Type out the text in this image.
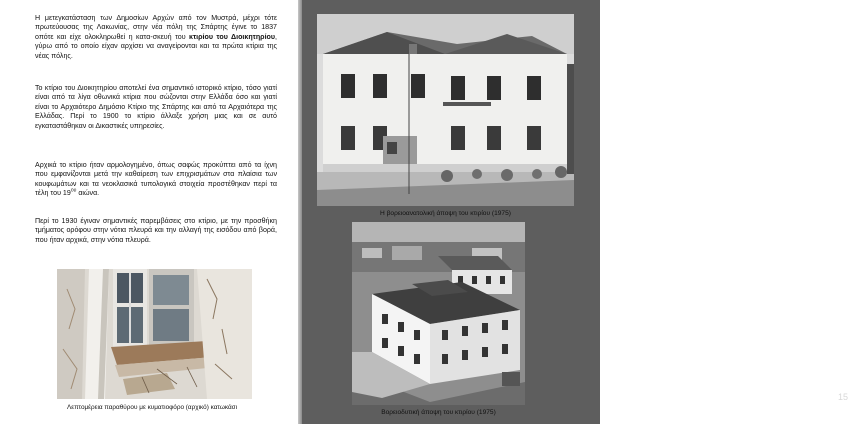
Η μετεγκατάσταση των Δημοσίων Αρχών από τον Μυστρά, μέχρι τότε πρωτεύουσας της Λακωνίας, στην νέα πόλη της Σπάρτης έγινε το 1837 οπότε και είχε ολοκληρωθεί η κατα-σκευή του κτιρίου του Διοικητηρίου, γύρω από το οποίο είχαν αρχίσει να αναγείρονται και τα πρώτα κτίρια της νέας πόλης.

Το κτίριο του Διοικητηρίου αποτελεί ένα σημαντικό ιστορικό κτίριο, τόσο γιατί είναι από τα λίγα οθωνικά κτίρια που σώζονται στην Ελλάδα όσο και γιατί είναι το Αρχαιότερο Δημόσιο Κτίριο της Σπάρτης και από τα Αρχαιότερα της Ελλάδας. Περί το 1900 το κτίριο άλλαξε χρήση μιας και σε αυτό εγκαταστάθηκαν οι Δικαστικές υπηρεσίες.

Αρχικά το κτίριο ήταν αρμολογημένο, όπως σαφώς προκύπτει από τα ίχνη που εμφανίζονται μετά την καθαίρεση των επιχρισμάτων στα πλαίσια των κουφωμάτων και τα νεοκλασικά τυπολογικά στοιχεία προστέθηκαν περί τα τέλη του $19^{o\upsilon}$ αιώνα.

Περί το 1930 έγιναν σημαντικές παρεμβάσεις στο κτίριο, με την προσθήκη τμήματος ορόφου στην νότια πλευρά και την αλλαγή της εισόδου από βορά, που ήταν αρχικά, στην νότια πλευρά.

Λεπτομέρεια παραθύρου με κυματιοφόρο (αρχικό) κατωκάσι

Η βορειοανατολική άποψη του κτιρίου (1975)

Βορειοδυτική άποψη του κτιρίου (1975)

15
